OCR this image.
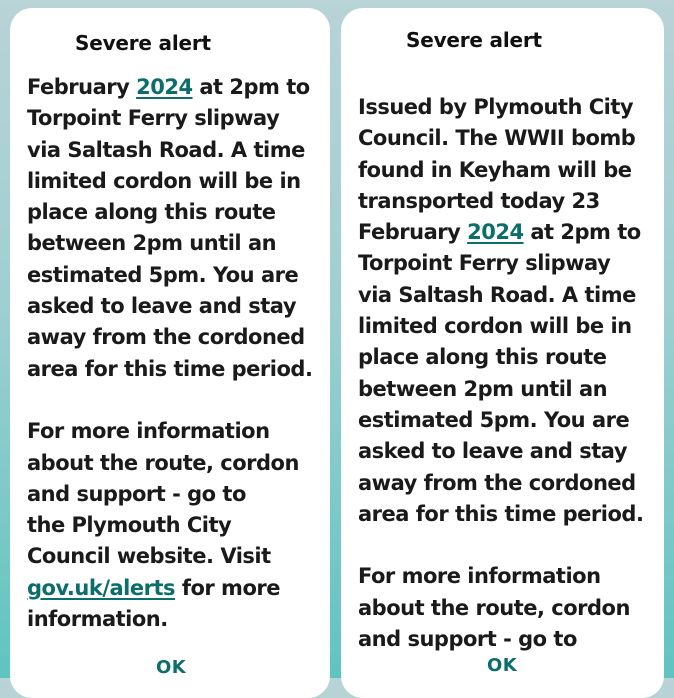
Severe alert
February 2024 at 2pm to
Torpoint Ferry slipway
via Saltash Road. A time
limited cordon will be in
place along this route
between 2pm until an
estimated 5pm. You are
asked to leave and stay
away from the cordoned
area for this time period.
For more information
about the route, cordon
and support - go to
the Plymouth City
Council website. Visit
gov.uk/alerts for more
information.
OK
Severe alert
Issued by Plymouth City
Council. The WWII bomb
found in Keyham will be
transported today 23
February 2024 at 2pm to
Torpoint Ferry slipway
via Saltash Road. A time
limited cordon will be in
place along this route
between 2pm until an
estimated 5pm. You are
asked to leave and stay
away from the cordoned
area for this time period.
For more information
about the route, cordon
and support - go to
OK
